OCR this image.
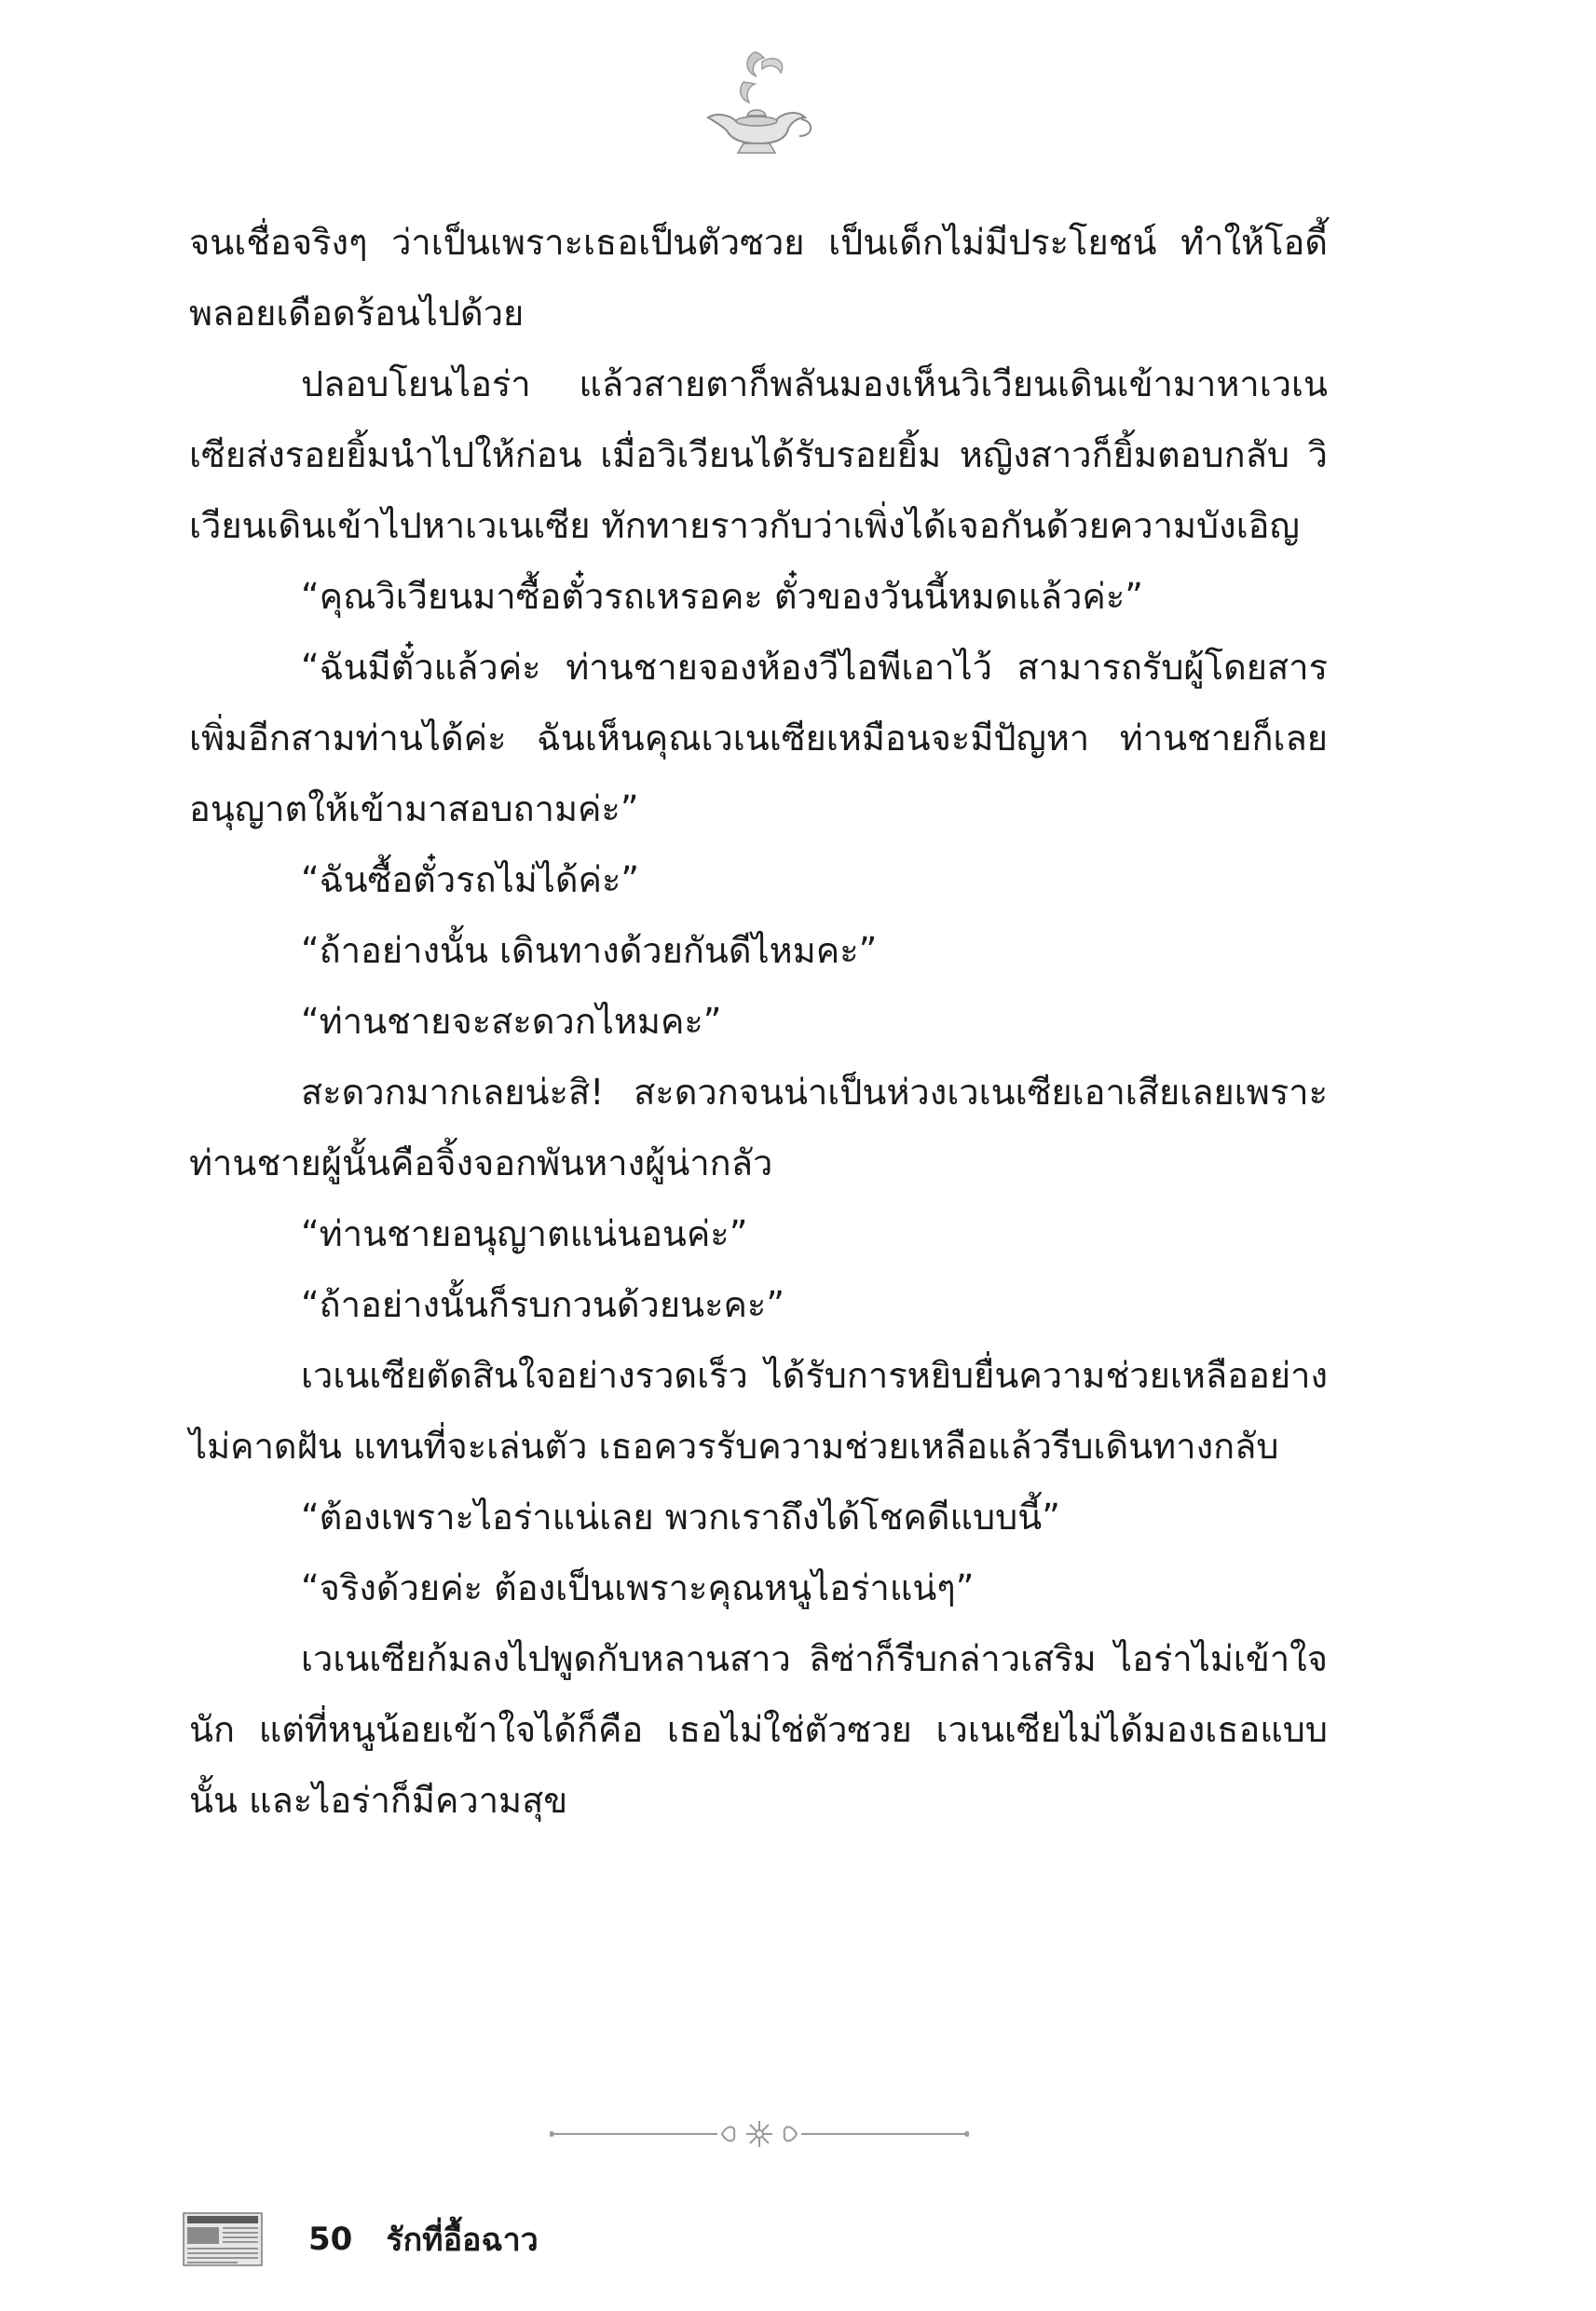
จนเชื่อจริงๆ ว่าเป็นเพราะเธอเป็นตัวซวย เป็นเด็กไม่มีประโยชน์ ทำให้โอดี้พลอยเดือดร้อนไปด้วย

ปลอบโยนไอร่า แล้วสายตาก็พลันมองเห็นวิเวียนเดินเข้ามาหาเวเนเซียส่งรอยยิ้มนำไปให้ก่อน เมื่อวิเวียนได้รับรอยยิ้ม หญิงสาวก็ยิ้มตอบกลับ วิเวียนเดินเข้าไปหาเวเนเซีย ทักทายราวกับว่าเพิ่งได้เจอกันด้วยความบังเอิญ

“คุณวิเวียนมาซื้อตั๋วรถเหรอคะ ตั๋วของวันนี้หมดแล้วค่ะ”

“ฉันมีตั๋วแล้วค่ะ ท่านชายจองห้องวีไอพีเอาไว้ สามารถรับผู้โดยสารเพิ่มอีกสามท่านได้ค่ะ ฉันเห็นคุณเวเนเซียเหมือนจะมีปัญหา ท่านชายก็เลยอนุญาตให้เข้ามาสอบถามค่ะ”

“ฉันซื้อตั๋วรถไม่ได้ค่ะ”

“ถ้าอย่างนั้น เดินทางด้วยกันดีไหมคะ”

“ท่านชายจะสะดวกไหมคะ”

สะดวกมากเลยน่ะสิ! สะดวกจนน่าเป็นห่วงเวเนเซียเอาเสียเลยเพราะท่านชายผู้นั้นคือจิ้งจอกพันหางผู้น่ากลัว

“ท่านชายอนุญาตแน่นอนค่ะ”

“ถ้าอย่างนั้นก็รบกวนด้วยนะคะ”

เวเนเซียตัดสินใจอย่างรวดเร็ว ได้รับการหยิบยื่นความช่วยเหลืออย่างไม่คาดฝัน แทนที่จะเล่นตัว เธอควรรับความช่วยเหลือแล้วรีบเดินทางกลับ

“ต้องเพราะไอร่าแน่เลย พวกเราถึงได้โชคดีแบบนี้”

“จริงด้วยค่ะ ต้องเป็นเพราะคุณหนูไอร่าแน่ๆ”

เวเนเซียก้มลงไปพูดกับหลานสาว ลิซ่าก็รีบกล่าวเสริม ไอร่าไม่เข้าใจนัก แต่ที่หนูน้อยเข้าใจได้ก็คือ เธอไม่ใช่ตัวซวย เวเนเซียไม่ได้มองเธอแบบนั้น และไอร่าก็มีความสุข

50 รักที่อื้อฉาว
